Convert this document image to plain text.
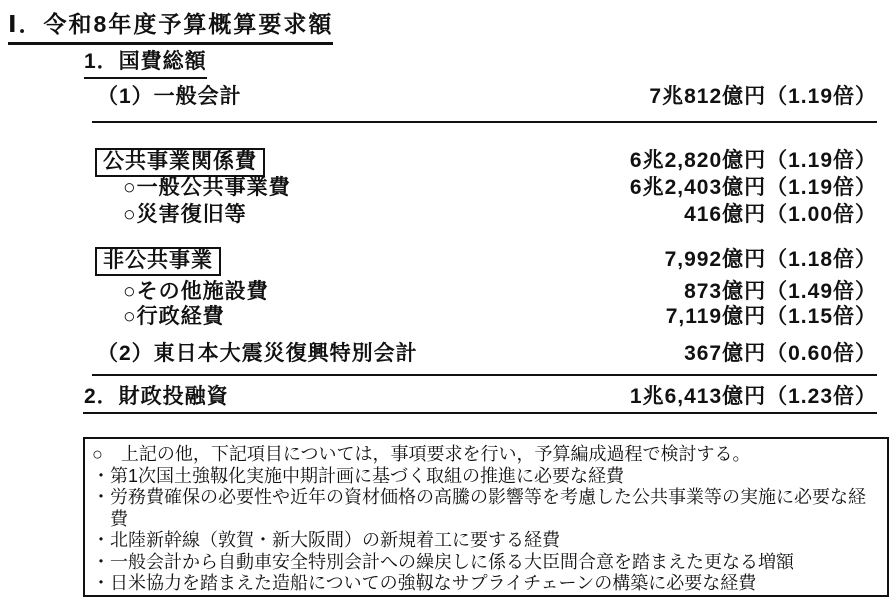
Ⅰ．令和8年度予算概算要求額
1．国費総額
（1）一般会計	7兆812億円（1.19倍）
公共事業関係費	6兆2,820億円（1.19倍）
○一般公共事業費	6兆2,403億円（1.19倍）
○災害復旧等	416億円（1.00倍）
非公共事業	7,992億円（1.18倍）
○その他施設費	873億円（1.49倍）
○行政経費	7,119億円（1.15倍）
（2）東日本大震災復興特別会計	367億円（0.60倍）
2．財政投融資	1兆6,413億円（1.23倍）
○　上記の他，下記項目については，事項要求を行い，予算編成過程で検討する。
・第1次国土強靱化実施中期計画に基づく取組の推進に必要な経費
・労務費確保の必要性や近年の資材価格の高騰の影響等を考慮した公共事業等の実施に必要な経費
・北陸新幹線（敦賀・新大阪間）の新規着工に要する経費
・一般会計から自動車安全特別会計への繰戻しに係る大臣間合意を踏まえた更なる増額
・日米協力を踏まえた造船についての強靱なサプライチェーンの構築に必要な経費
